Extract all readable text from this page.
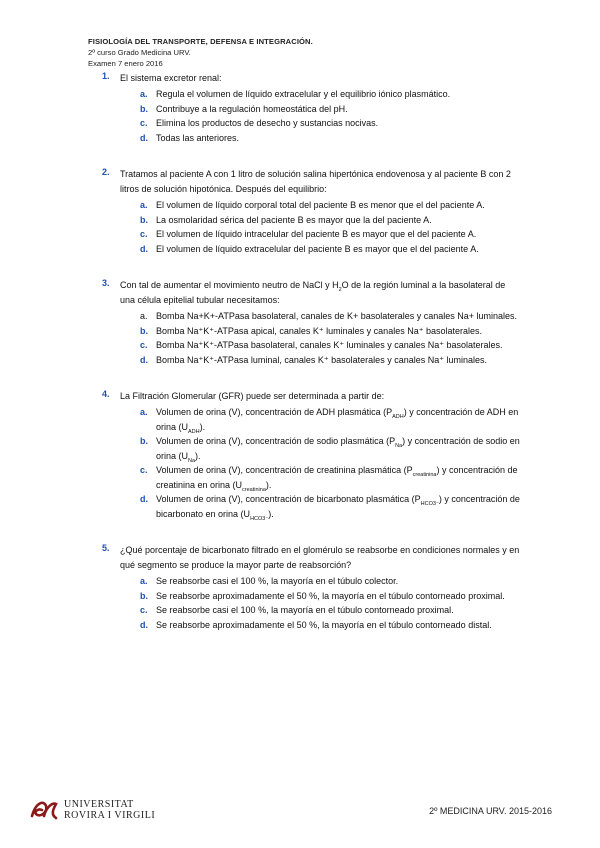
FISIOLOGÍA DEL TRANSPORTE, DEFENSA E INTEGRACIÓN.
2º curso Grado Medicina URV.
Examen 7 enero 2016
1. El sistema excretor renal:
a. Regula el volumen de líquido extracelular y el equilibrio iónico plasmático.
b. Contribuye a la regulación homeostática del pH.
c. Elimina los productos de desecho y sustancias nocivas.
d. Todas las anteriores.
2. Tratamos al paciente A con 1 litro de solución salina hipertónica endovenosa y al paciente B con 2 litros de solución hipotónica. Después del equilibrio:
a. El volumen de líquido corporal total del paciente B es menor que el del paciente A.
b. La osmolaridad sérica del paciente B es mayor que la del paciente A.
c. El volumen de líquido intracelular del paciente B es mayor que el del paciente A.
d. El volumen de líquido extracelular del paciente B es mayor que el del paciente A.
3. Con tal de aumentar el movimiento neutro de NaCl y $H_2O$ de la región luminal a la basolateral de una célula epitelial tubular necesitamos:
a. Bomba Na+K+-ATPasa basolateral, canales de K+ basolaterales y canales Na+ luminales.
b. Bomba Na⁺K⁺-ATPasa apical, canales K⁺ luminales y canales Na⁺ basolaterales.
c. Bomba Na⁺K⁺-ATPasa basolateral, canales K⁺ luminales y canales Na⁺ basolaterales.
d. Bomba Na⁺K⁺-ATPasa luminal, canales K⁺ basolaterales y canales Na⁺ luminales.
4. La Filtración Glomerular (GFR) puede ser determinada a partir de:
a. Volumen de orina (V), concentración de ADH plasmática $(P_{ADH})$ y concentración de ADH en orina $(U_{ADH})$.
b. Volumen de orina (V), concentración de sodio plasmática $(P_{Na})$ y concentración de sodio en orina $(U_{Na})$.
c. Volumen de orina (V), concentración de creatinina plasmática $(P_{creatinina})$ y concentración de creatinina en orina $(U_{creatinina})$.
d. Volumen de orina (V), concentración de bicarbonato plasmática $(P_{HCO3^-})$ y concentración de bicarbonato en orina $(U_{HCO3^-})$.
5. ¿Qué porcentaje de bicarbonato filtrado en el glomérulo se reabsorbe en condiciones normales y en qué segmento se produce la mayor parte de reabsorción?
a. Se reabsorbe casi el 100 %, la mayoría en el túbulo colector.
b. Se reabsorbe aproximadamente el 50 %, la mayoría en el túbulo contorneado proximal.
c. Se reabsorbe casi el 100 %, la mayoría en el túbulo contorneado proximal.
d. Se reabsorbe aproximadamente el 50 %, la mayoría en el túbulo contorneado distal.
UNIVERSITAT
ROVIRA I VIRGILI	2º MEDICINA URV. 2015-2016
